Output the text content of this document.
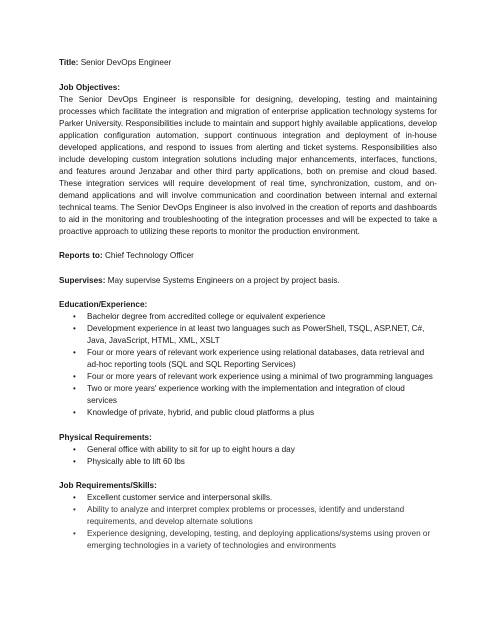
Title: Senior DevOps Engineer

Job Objectives:

The Senior DevOps Engineer is responsible for designing, developing, testing and maintaining processes which facilitate the integration and migration of enterprise application technology systems for Parker University. Responsibilities include to maintain and support highly available applications, develop application configuration automation, support continuous integration and deployment of in-house developed applications, and respond to issues from alerting and ticket systems. Responsibilities also include developing custom integration solutions including major enhancements, interfaces, functions, and features around Jenzabar and other third party applications, both on premise and cloud based. These integration services will require development of real time, synchronization, custom, and on-demand applications and will involve communication and coordination between internal and external technical teams. The Senior DevOps Engineer is also involved in the creation of reports and dashboards to aid in the monitoring and troubleshooting of the integration processes and will be expected to take a proactive approach to utilizing these reports to monitor the production environment.

Reports to: Chief Technology Officer

Supervises: May supervise Systems Engineers on a project by project basis.

Education/Experience:

• Bachelor degree from accredited college or equivalent experience
• Development experience in at least two languages such as PowerShell, TSQL, ASP.NET, C#, Java, JavaScript, HTML, XML, XSLT
• Four or more years of relevant work experience using relational databases, data retrieval and ad-hoc reporting tools (SQL and SQL Reporting Services)
• Four or more years of relevant work experience using a minimal of two programming languages
• Two or more years' experience working with the implementation and integration of cloud services
• Knowledge of private, hybrid, and public cloud platforms a plus

Physical Requirements:

• General office with ability to sit for up to eight hours a day
• Physically able to lift 60 lbs

Job Requirements/Skills:

• Excellent customer service and interpersonal skills.
• Ability to analyze and interpret complex problems or processes, identify and understand requirements, and develop alternate solutions
• Experience designing, developing, testing, and deploying applications/systems using proven or emerging technologies in a variety of technologies and environments
